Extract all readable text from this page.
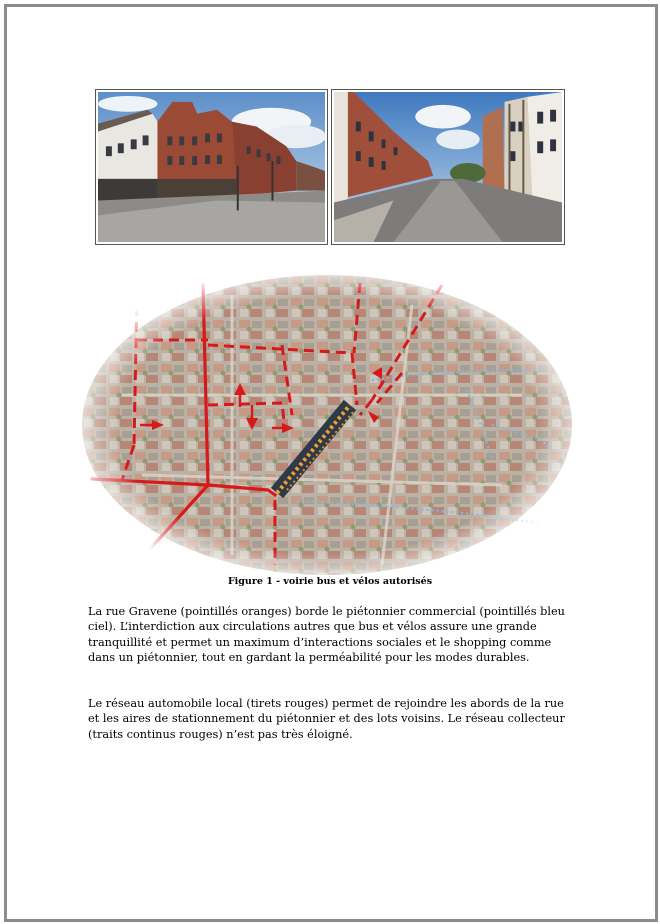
Figure 1 - voirie bus et vélos autorisés

La rue Gravene (pointillés oranges) borde le piétonnier commercial (pointillés bleu ciel). L’interdiction aux circulations autres que bus et vélos assure une grande tranquillité et permet un maximum d’interactions sociales et le shopping comme dans un piétonnier, tout en gardant la perméabilité pour les modes durables.

Le réseau automobile local (tirets rouges) permet de rejoindre les abords de la rue et les aires de stationnement du piétonnier et des lots voisins. Le réseau collecteur (traits continus rouges) n’est pas très éloigné.
